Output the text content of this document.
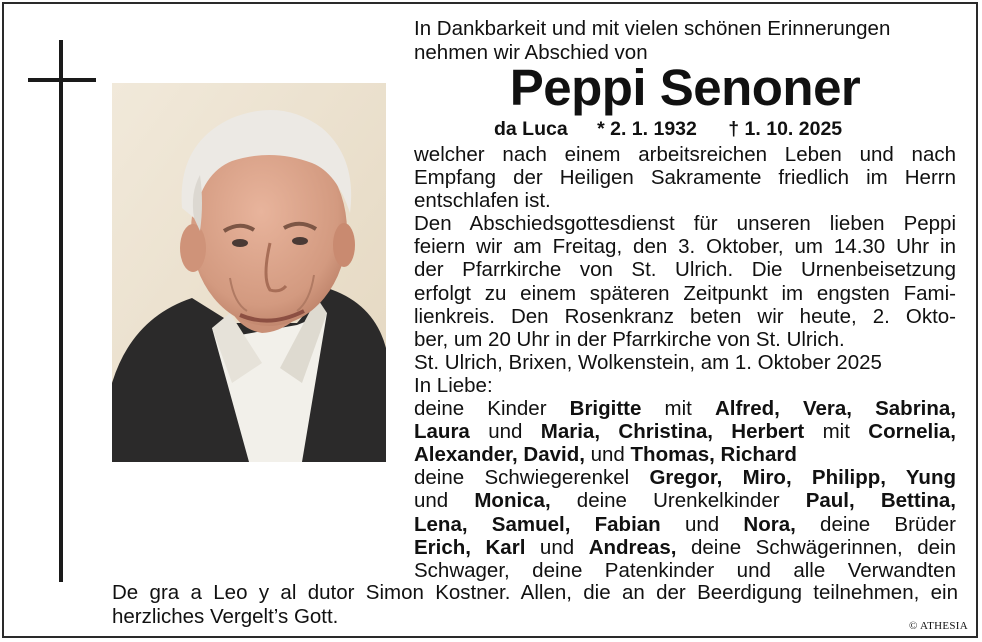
In Dankbarkeit und mit vielen schönen Erinnerungen
nehmen wir Abschied von
Peppi Senoner
da Luca * 2. 1. 1932 † 1. 10. 2025
welcher nach einem arbeitsreichen Leben und nach
Empfang der Heiligen Sakramente friedlich im Herrn
entschlafen ist.
Den Abschiedsgottesdienst für unseren lieben Peppi
feiern wir am Freitag, den 3. Oktober, um 14.30 Uhr in
der Pfarrkirche von St. Ulrich. Die Urnenbeisetzung
erfolgt zu einem späteren Zeitpunkt im engsten Fami-
lienkreis. Den Rosenkranz beten wir heute, 2. Okto-
ber, um 20 Uhr in der Pfarrkirche von St. Ulrich.
St. Ulrich, Brixen, Wolkenstein, am 1. Oktober 2025
In Liebe:
deine Kinder Brigitte mit Alfred, Vera, Sabrina,
Laura und Maria, Christina, Herbert mit Cornelia,
Alexander, David, und Thomas, Richard
deine Schwiegerenkel Gregor, Miro, Philipp, Yung
und Monica, deine Urenkelkinder Paul, Bettina,
Lena, Samuel, Fabian und Nora, deine Brüder
Erich, Karl und Andreas, deine Schwägerinnen, dein
Schwager, deine Patenkinder und alle Verwandten
De gra a Leo y al dutor Simon Kostner. Allen, die an der Beerdigung teilnehmen, ein
herzliches Vergelt’s Gott.	© ATHESIA
